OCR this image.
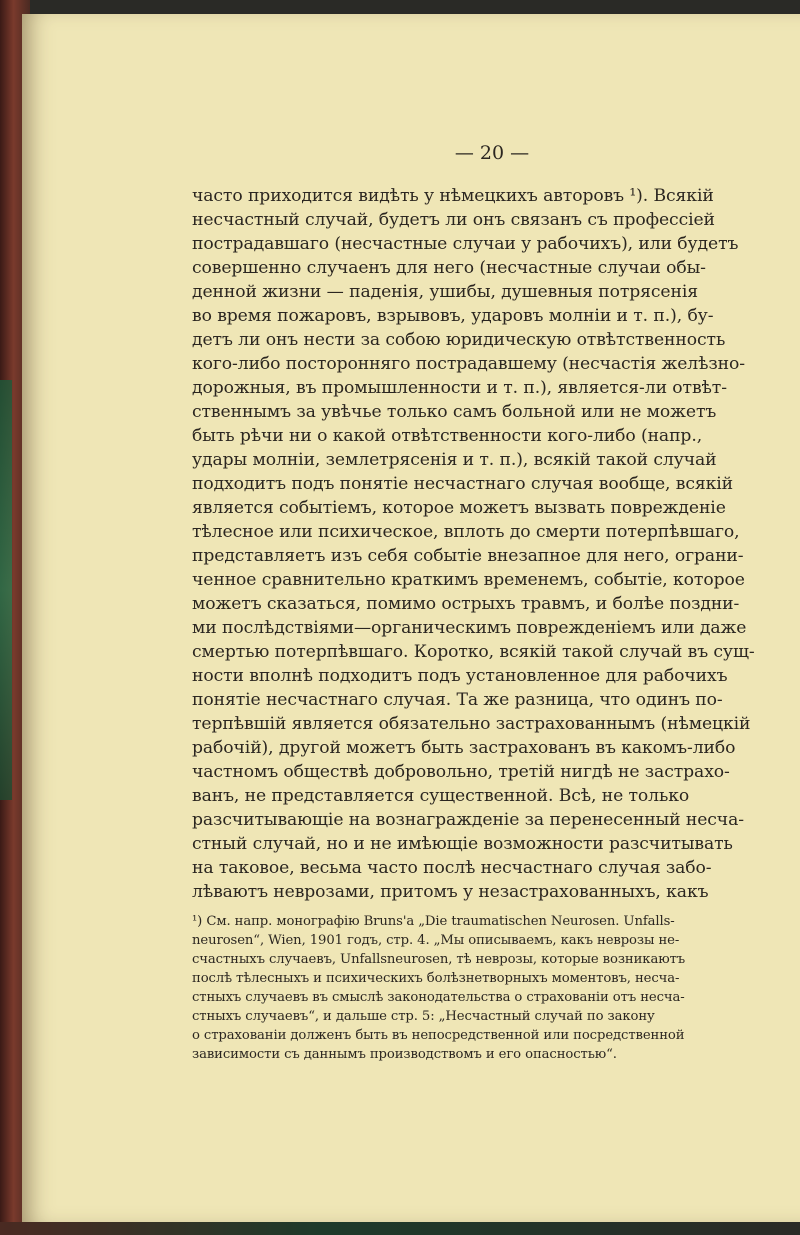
— 20 —
часто приходится видѣть у нѣмецкихъ авторовъ ¹). Всякій
несчастный случай, будетъ ли онъ связанъ съ профессіей
пострадавшаго (несчастные случаи у рабочихъ), или будетъ
совершенно случаенъ для него (несчастные случаи обы-
денной жизни — паденія, ушибы, душевныя потрясенія
во время пожаровъ, взрывовъ, ударовъ молніи и т. п.), бу-
детъ ли онъ нести за собою юридическую отвѣтственность
кого-либо посторонняго пострадавшему (несчастія желѣзно-
дорожныя, въ промышленности и т. п.), является-ли отвѣт-
ственнымъ за увѣчье только самъ больной или не можетъ
быть рѣчи ни о какой отвѣтственности кого-либо (напр.,
удары молніи, землетрясенія и т. п.), всякій такой случай
подходитъ подъ понятіе несчастнаго случая вообще, всякій
является событіемъ, которое можетъ вызвать поврежденіе
тѣлесное или психическое, вплоть до смерти потерпѣвшаго,
представляетъ изъ себя событіе внезапное для него, ограни-
ченное сравнительно краткимъ временемъ, событіе, которое
можетъ сказаться, помимо острыхъ травмъ, и болѣе поздни-
ми послѣдствіями—органическимъ поврежденіемъ или даже
смертью потерпѣвшаго. Коротко, всякій такой случай въ сущ-
ности вполнѣ подходитъ подъ установленное для рабочихъ
понятіе несчастнаго случая. Та же разница, что одинъ по-
терпѣвшій является обязательно застрахованнымъ (нѣмецкій
рабочій), другой можетъ быть застрахованъ въ какомъ-либо
частномъ обществѣ добровольно, третій нигдѣ не застрахо-
ванъ, не представляется существенной. Всѣ, не только
разсчитывающіе на вознагражденіе за перенесенный несча-
стный случай, но и не имѣющіе возможности разсчитывать
на таковое, весьма часто послѣ несчастнаго случая забо-
лѣваютъ неврозами, притомъ у незастрахованныхъ, какъ
¹) См. напр. монографію Bruns'а „Die traumatischen Neurosen. Unfalls-
neurosen“, Wien, 1901 годъ, стр. 4. „Мы описываемъ, какъ неврозы не-
счастныхъ случаевъ, Unfallsneurosen, тѣ неврозы, которые возникаютъ
послѣ тѣлесныхъ и психическихъ болѣзнетворныхъ моментовъ, несча-
стныхъ случаевъ въ смыслѣ законодательства о страхованіи отъ несча-
стныхъ случаевъ“, и дальше стр. 5: „Несчастный случай по закону
о страхованіи долженъ быть въ непосредственной или посредственной
зависимости съ даннымъ производствомъ и его опасностью“.
